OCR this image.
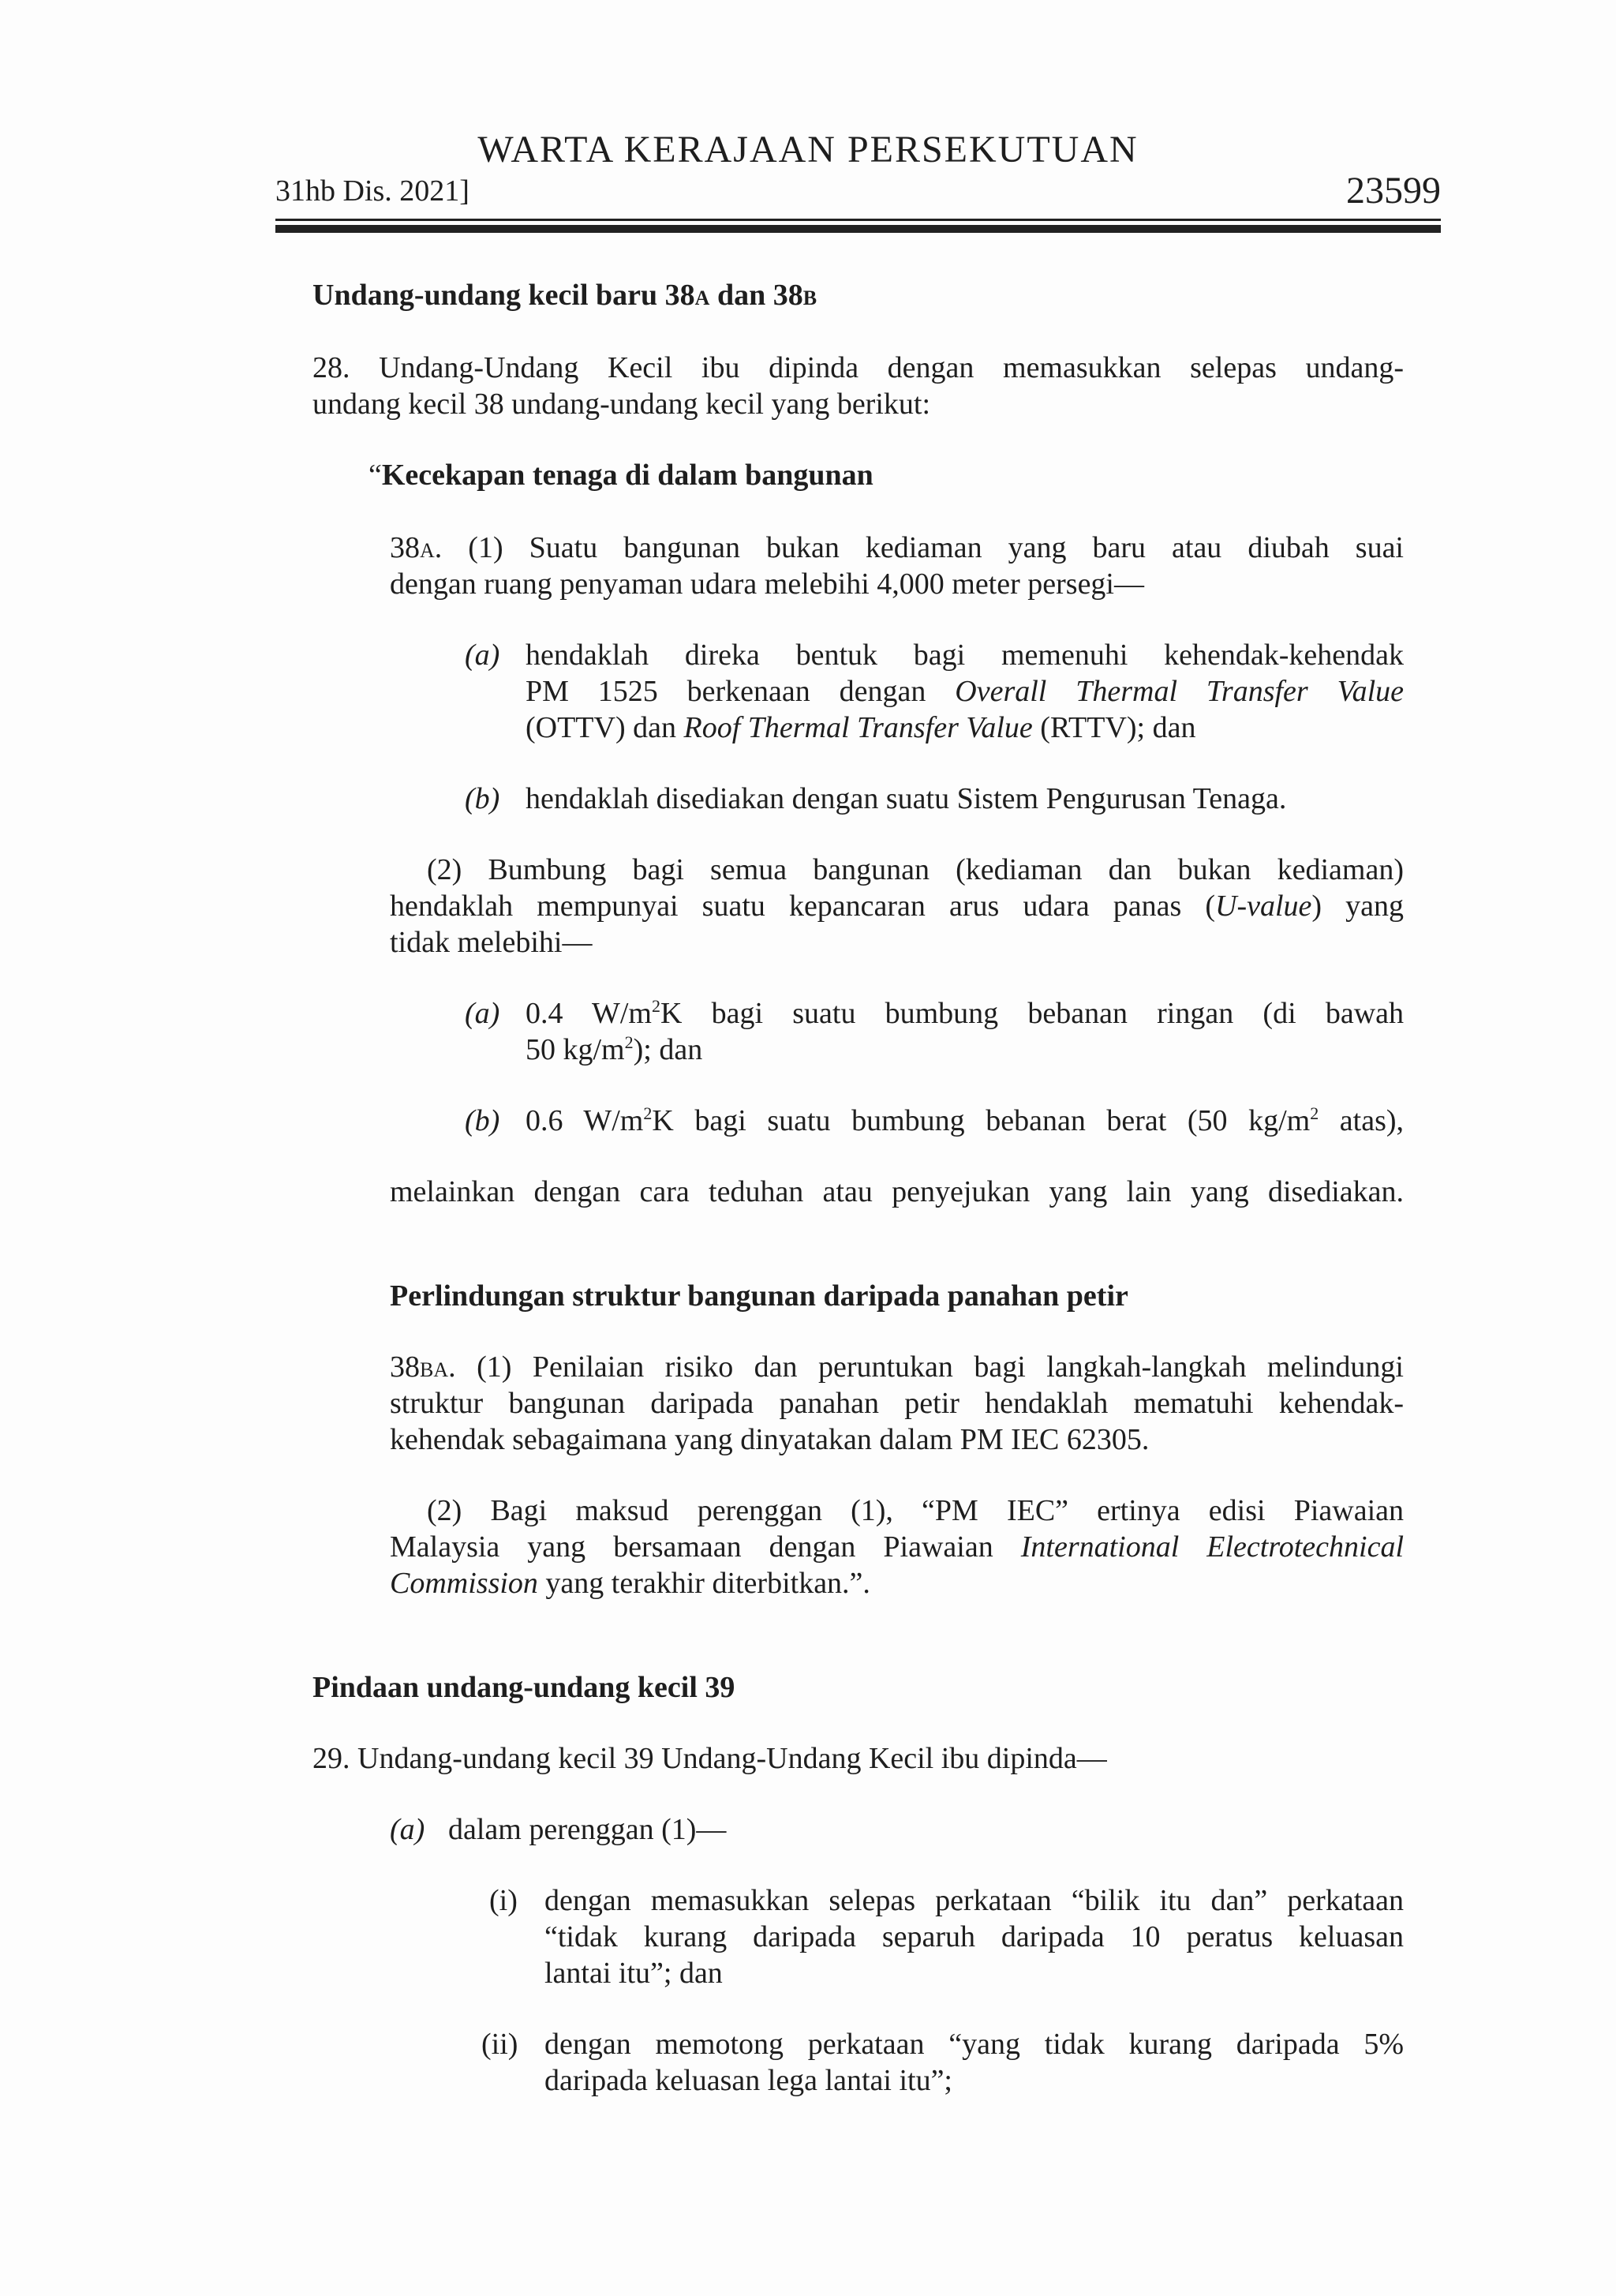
WARTA KERAJAAN PERSEKUTUAN
31hb Dis. 2021]	23599
Undang-undang kecil baru 38A dan 38B
28. Undang-Undang Kecil ibu dipinda dengan memasukkan selepas undang-
undang kecil 38 undang-undang kecil yang berikut:
“Kecekapan tenaga di dalam bangunan
38A. (1) Suatu bangunan bukan kediaman yang baru atau diubah suai
dengan ruang penyaman udara melebihi 4,000 meter persegi—
(a) hendaklah direka bentuk bagi memenuhi kehendak-kehendak
PM 1525 berkenaan dengan Overall Thermal Transfer Value
(OTTV) dan Roof Thermal Transfer Value (RTTV); dan
(b) hendaklah disediakan dengan suatu Sistem Pengurusan Tenaga.
(2) Bumbung bagi semua bangunan (kediaman dan bukan kediaman)
hendaklah mempunyai suatu kepancaran arus udara panas (U-value) yang
tidak melebihi—
(a) 0.4 $W/m^2K$ bagi suatu bumbung bebanan ringan (di bawah
50 $kg/m^2$); dan
(b) 0.6 $W/m^2K$ bagi suatu bumbung bebanan berat (50 $kg/m^2$ atas),
melainkan dengan cara teduhan atau penyejukan yang lain yang disediakan.
Perlindungan struktur bangunan daripada panahan petir
38BA. (1) Penilaian risiko dan peruntukan bagi langkah-langkah melindungi
struktur bangunan daripada panahan petir hendaklah mematuhi kehendak-
kehendak sebagaimana yang dinyatakan dalam PM IEC 62305.
(2) Bagi maksud perenggan (1), “PM IEC” ertinya edisi Piawaian
Malaysia yang bersamaan dengan Piawaian International Electrotechnical
Commission yang terakhir diterbitkan.”.
Pindaan undang-undang kecil 39
29. Undang-undang kecil 39 Undang-Undang Kecil ibu dipinda—
(a) dalam perenggan (1)—
(i) dengan memasukkan selepas perkataan “bilik itu dan” perkataan
“tidak kurang daripada separuh daripada 10 peratus keluasan
lantai itu”; dan
(ii) dengan memotong perkataan “yang tidak kurang daripada 5%
daripada keluasan lega lantai itu”;
